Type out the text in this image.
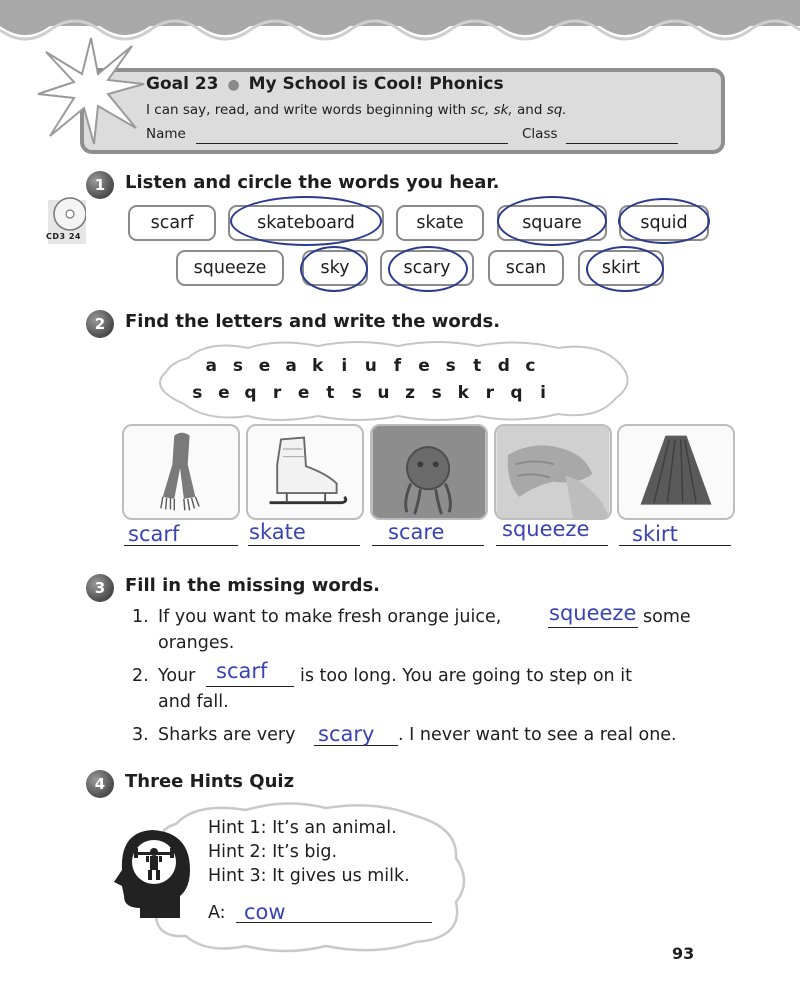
Goal 23 ● My School is Cool! Phonics
I can say, read, and write words beginning with sc, sk, and sq.
Name	Class
1	Listen and circle the words you hear.
CD3 24
scarf	skateboard	skate	square	squid
squeeze	sky	scary	scan	skirt
2	Find the letters and write the words.
a s e a k i u f e s t d c
s e q r e t s u z s k r q i
scarf	skate	scare	squeeze skirt
3	Fill in the missing words.
1. If you want to make fresh orange juice, squeeze some
oranges.
2. Your scarf is too long. You are going to step on it
and fall.
3. Sharks are very scary . I never want to see a real one.
4	Three Hints Quiz
Hint 1: It’s an animal.
Hint 2: It’s big.
Hint 3: It gives us milk.
A: cow
93
